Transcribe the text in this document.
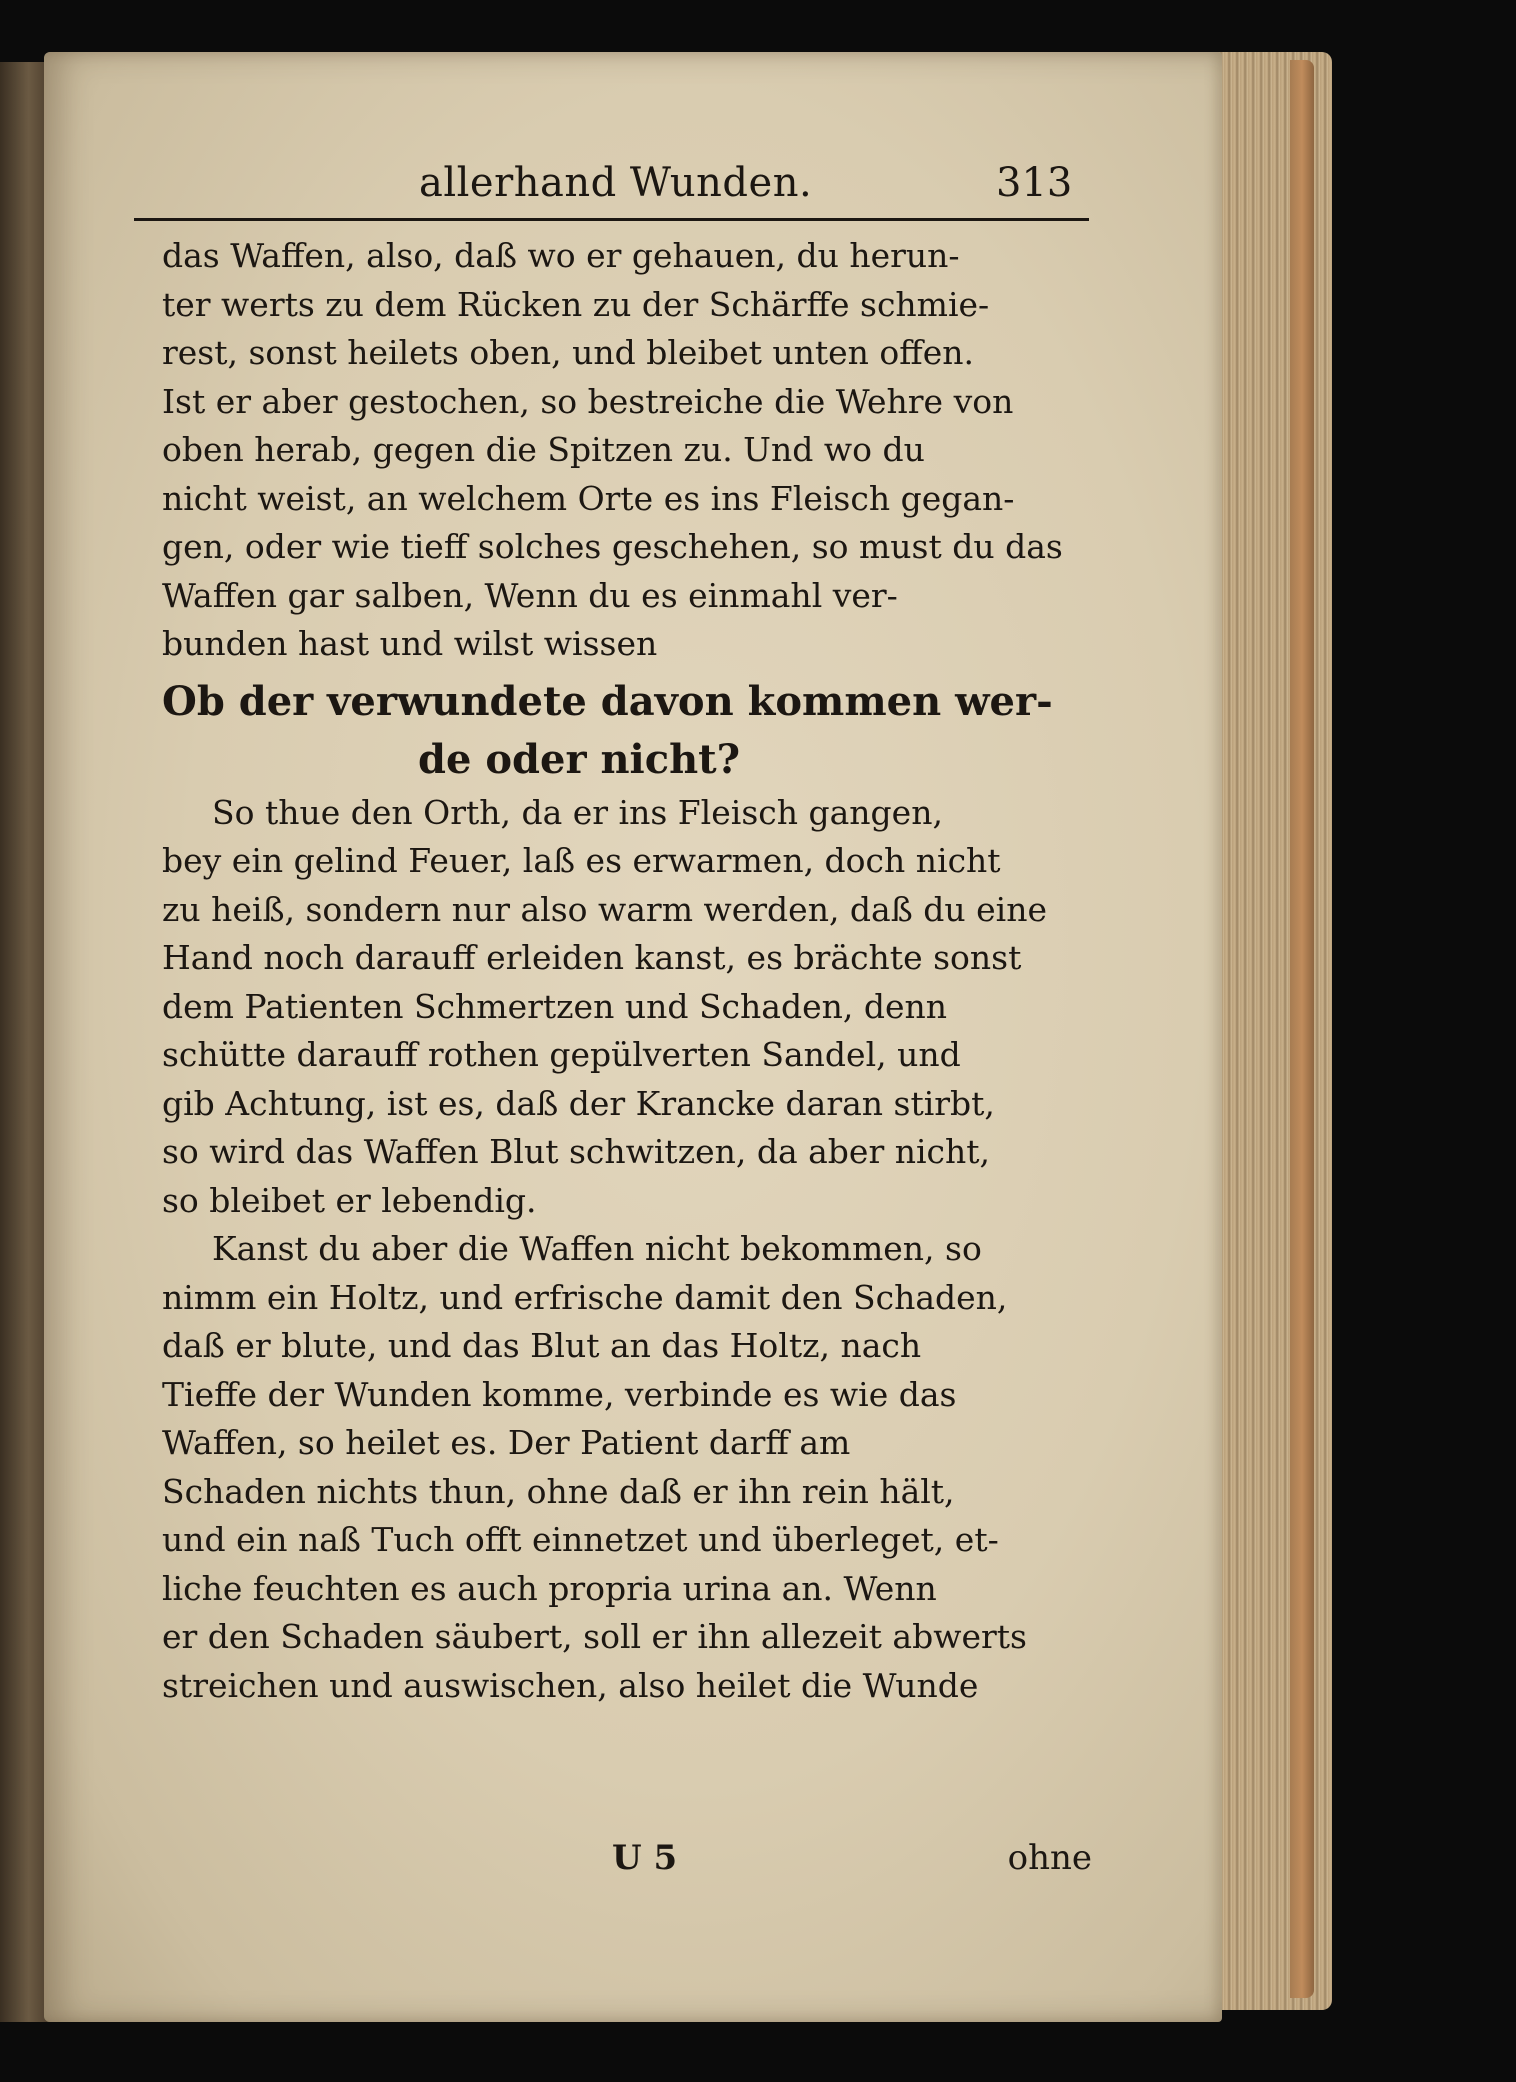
allerhand Wunden.	313
das Waffen, also, daß wo er gehauen, du herun-
ter werts zu dem Rücken zu der Schärffe schmie-
rest, sonst heilets oben, und bleibet unten offen.
Ist er aber gestochen, so bestreiche die Wehre von
oben herab, gegen die Spitzen zu. Und wo du
nicht weist, an welchem Orte es ins Fleisch gegan-
gen, oder wie tieff solches geschehen, so must du das
Waffen gar salben, Wenn du es einmahl ver-
bunden hast und wilst wissen
Ob der verwundete davon kommen wer-
de oder nicht?
So thue den Orth, da er ins Fleisch gangen,
bey ein gelind Feuer, laß es erwarmen, doch nicht
zu heiß, sondern nur also warm werden, daß du eine
Hand noch darauff erleiden kanst, es brächte sonst
dem Patienten Schmertzen und Schaden, denn
schütte darauff rothen gepülverten Sandel, und
gib Achtung, ist es, daß der Krancke daran stirbt,
so wird das Waffen Blut schwitzen, da aber nicht,
so bleibet er lebendig.
Kanst du aber die Waffen nicht bekommen, so
nimm ein Holtz, und erfrische damit den Schaden,
daß er blute, und das Blut an das Holtz, nach
Tieffe der Wunden komme, verbinde es wie das
Waffen, so heilet es. Der Patient darff am
Schaden nichts thun, ohne daß er ihn rein hält,
und ein naß Tuch offt einnetzet und überleget, et-
liche feuchten es auch propria urina an. Wenn
er den Schaden säubert, soll er ihn allezeit abwerts
streichen und auswischen, also heilet die Wunde
U 5	ohne
